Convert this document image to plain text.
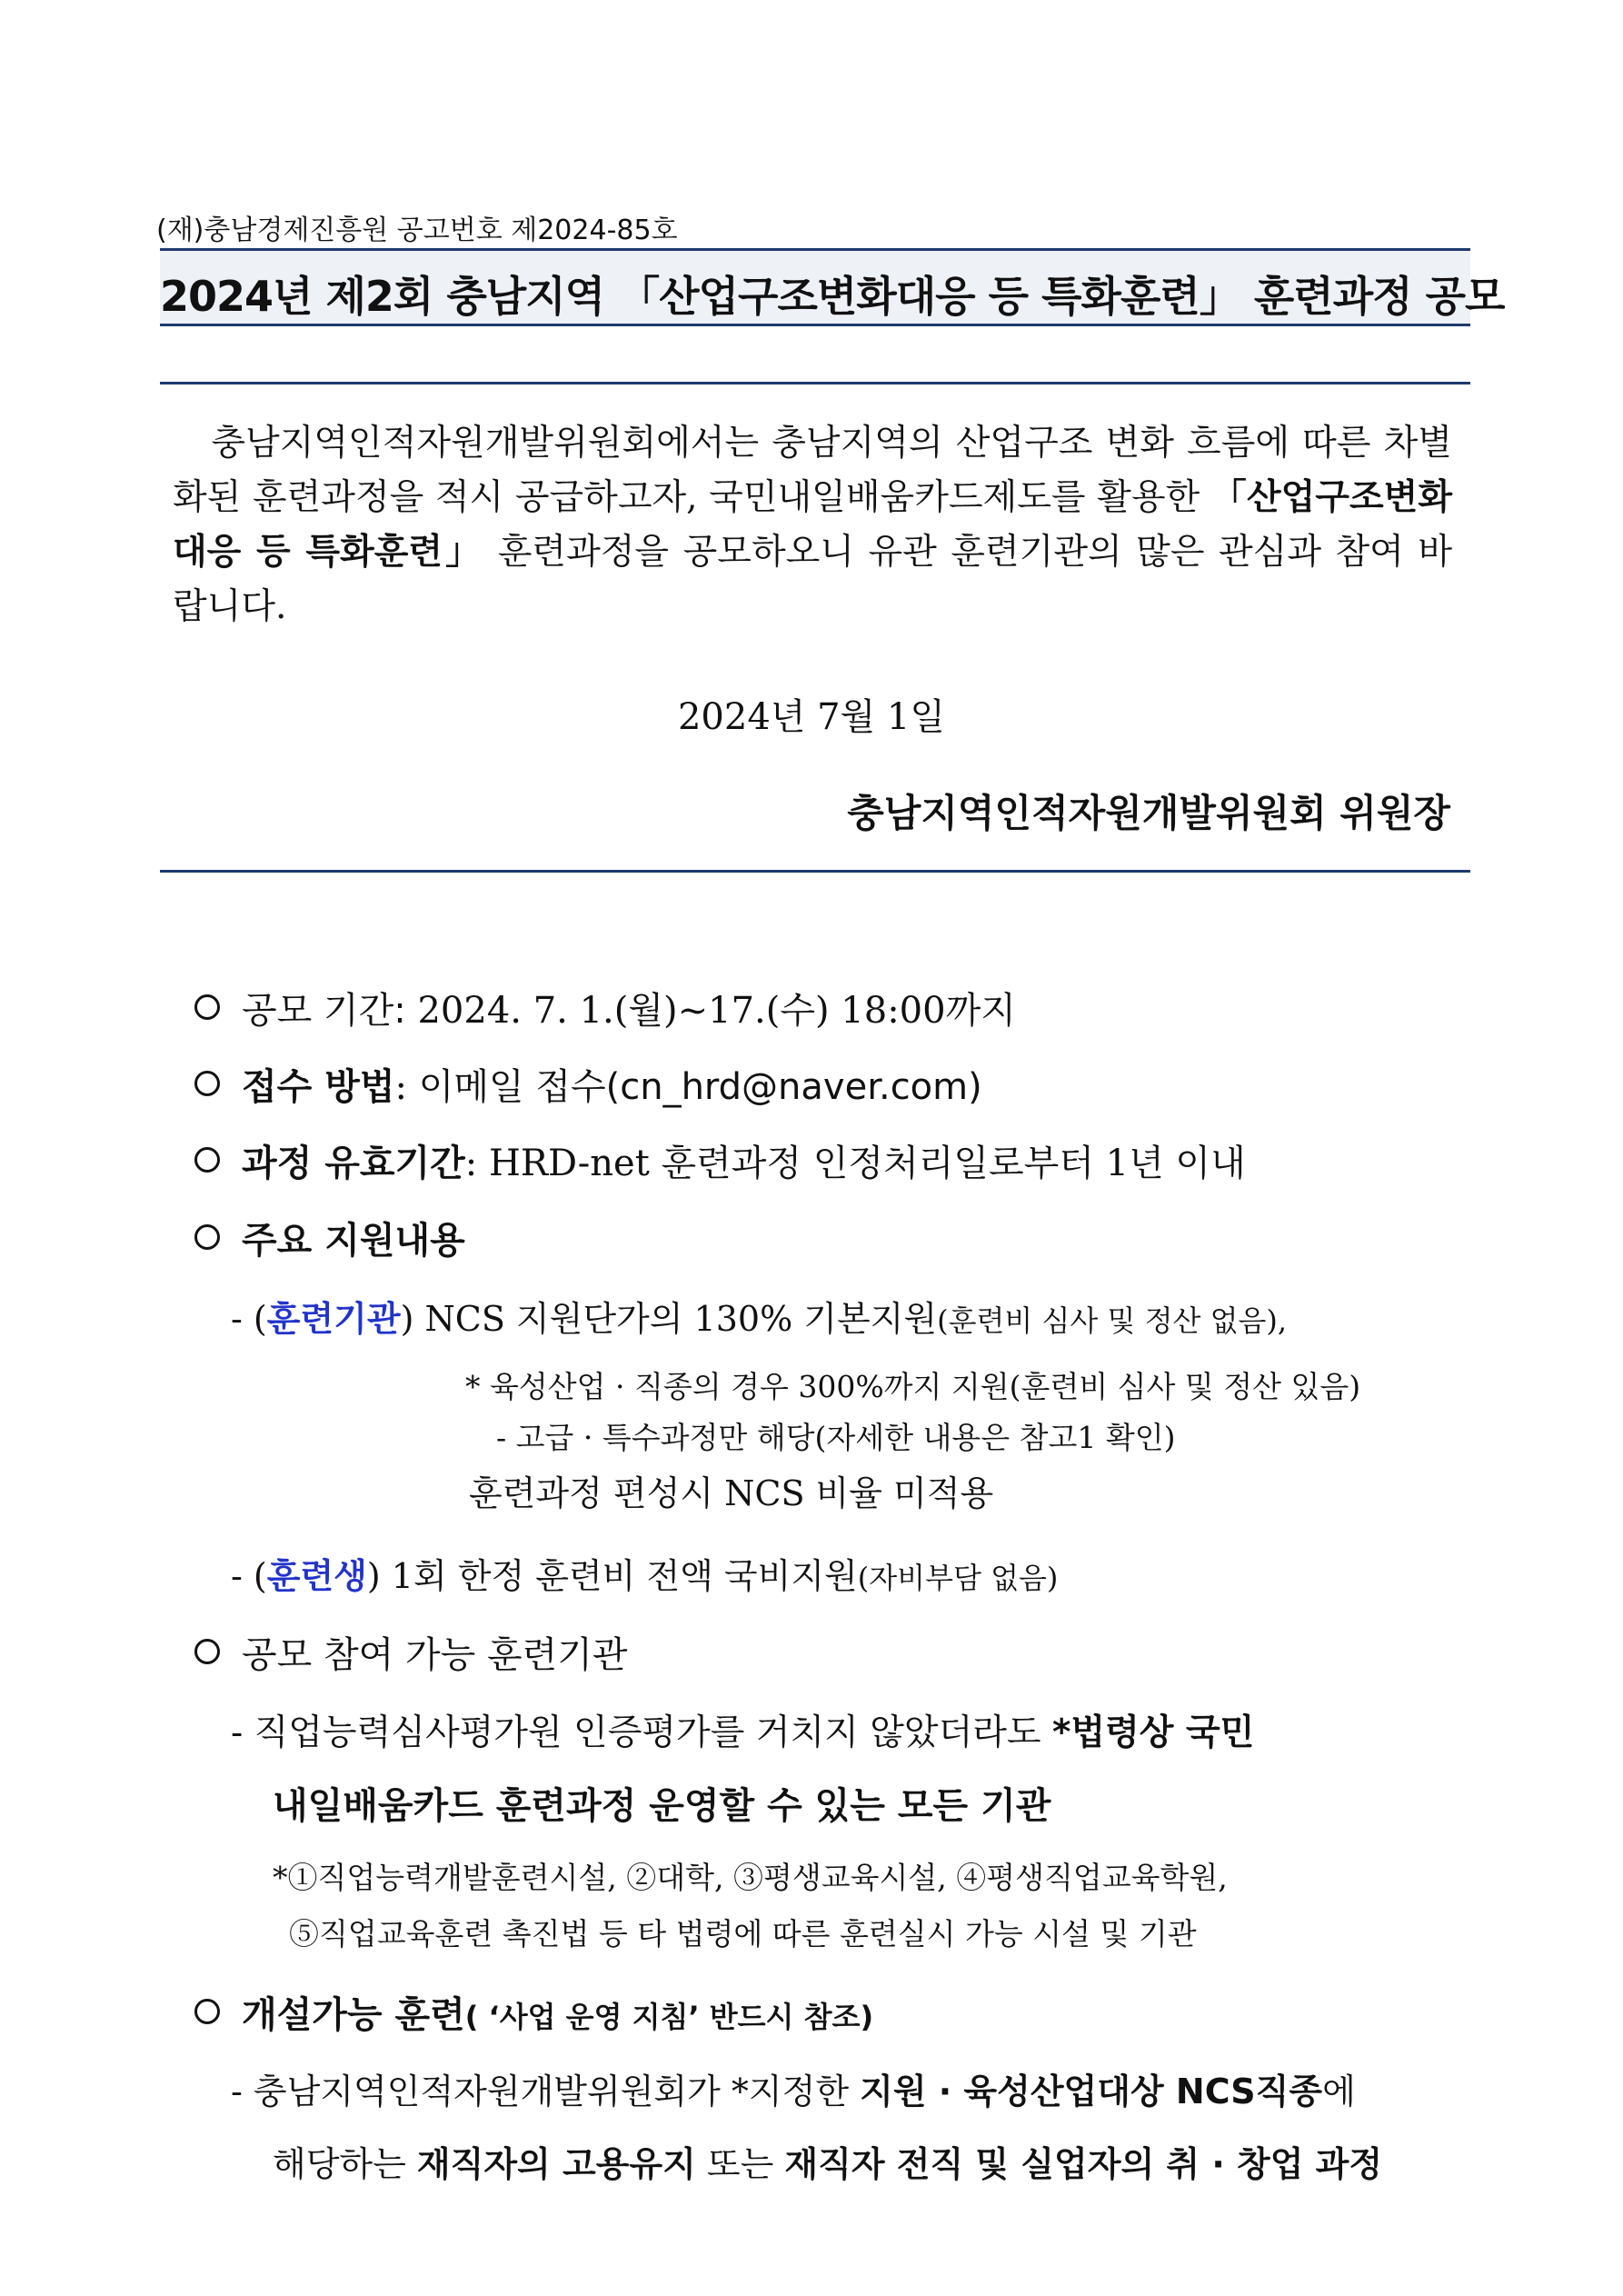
(재)충남경제진흥원 공고번호 제2024-85호
2024년 제2회 충남지역 「산업구조변화대응 등 특화훈련」 훈련과정 공모
충남지역인적자원개발위원회에서는 충남지역의 산업구조 변화 흐름에 따른 차별화된 훈련과정을 적시 공급하고자, 국민내일배움카드제도를 활용한 「산업구조변화대응 등 특화훈련」 훈련과정을 공모하오니 유관 훈련기관의 많은 관심과 참여 바랍니다.
2024년 7월 1일
충남지역인적자원개발위원회 위원장
공모 기간: 2024. 7. 1.(월)~17.(수) 18:00까지
접수 방법: 이메일 접수(cn_hrd@naver.com)
과정 유효기간: HRD-net 훈련과정 인정처리일로부터 1년 이내
주요 지원내용
- (훈련기관) NCS 지원단가의 130% 기본지원(훈련비 심사 및 정산 없음),
* 육성산업 · 직종의 경우 300%까지 지원(훈련비 심사 및 정산 있음)
- 고급 · 특수과정만 해당(자세한 내용은 참고1 확인)
훈련과정 편성시 NCS 비율 미적용
- (훈련생) 1회 한정 훈련비 전액 국비지원(자비부담 없음)
공모 참여 가능 훈련기관
- 직업능력심사평가원 인증평가를 거치지 않았더라도 *법령상 국민
내일배움카드 훈련과정 운영할 수 있는 모든 기관
*①직업능력개발훈련시설, ②대학, ③평생교육시설, ④평생직업교육학원,
⑤직업교육훈련 촉진법 등 타 법령에 따른 훈련실시 가능 시설 및 기관
개설가능 훈련( ‘사업 운영 지침’ 반드시 참조)
- 충남지역인적자원개발위원회가 *지정한 지원 · 육성산업대상 NCS직종에
해당하는 재직자의 고용유지 또는 재직자 전직 및 실업자의 취 · 창업 과정
